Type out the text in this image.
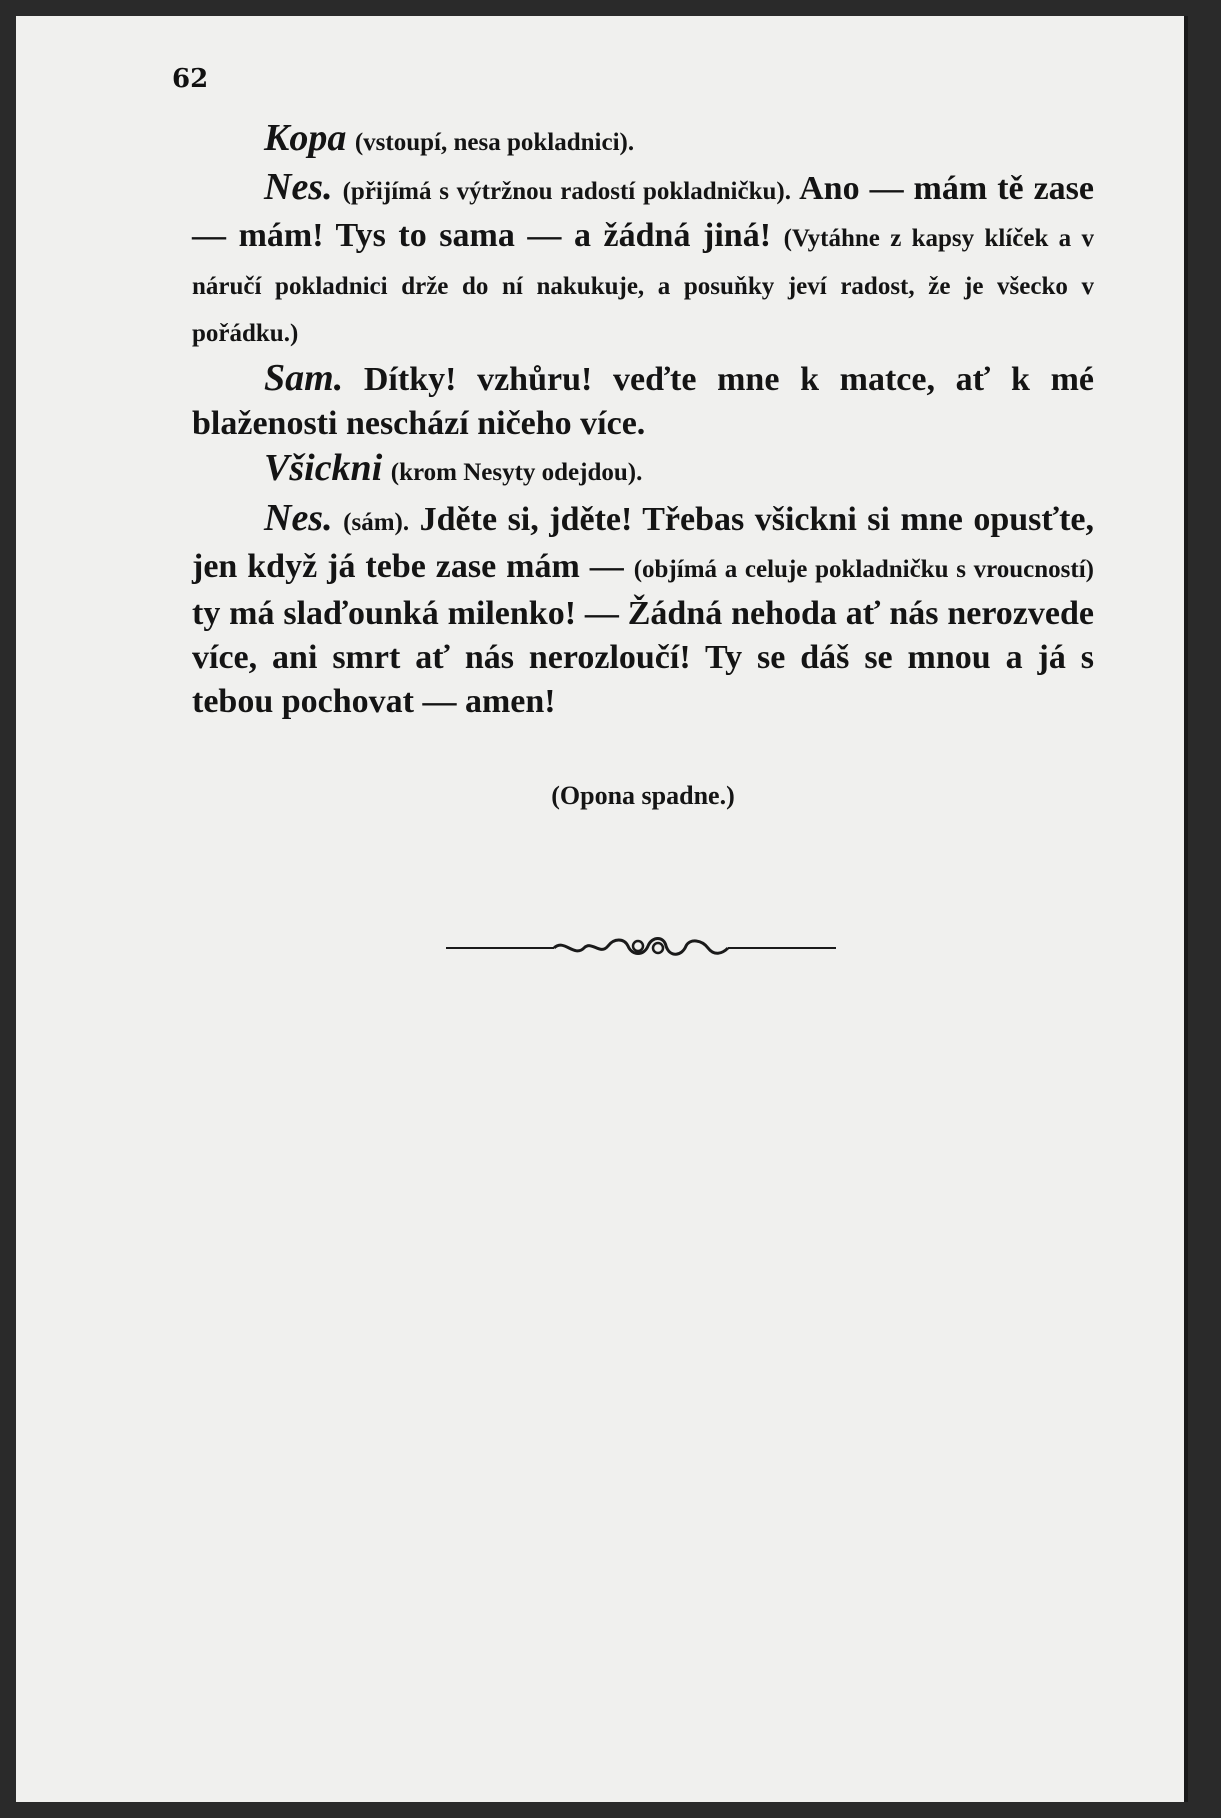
62

Kopa (vstoupí, nesa pokladnici).

Nes. (přijímá s výtržnou radostí pokladničku). Ano — mám tě zase — mám! Tys to sama — a žádná jiná! (Vytáhne z kapsy klíček a v náručí pokladnici drže do ní nakukuje, a posuňky jeví radost, že je všecko v pořádku.)

Sam. Dítky! vzhůru! veďte mne k matce, ať k mé blaženosti neschází ničeho více.

Všickni (krom Nesyty odejdou).

Nes. (sám). Jděte si, jděte! Třebas všickni si mne opusťte, jen když já tebe zase mám — (objímá a celuje pokladničku s vroucností) ty má slaďounká milenko! — Žádná nehoda ať nás nerozvede více, ani smrt ať nás nerozloučí! Ty se dáš se mnou a já s tebou pochovat — amen!

(Opona spadne.)
